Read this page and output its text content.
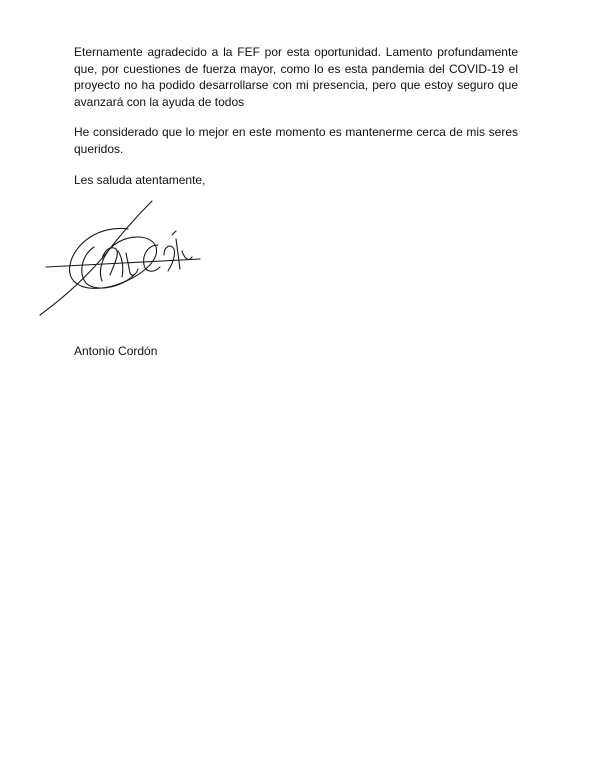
Eternamente agradecido a la FEF por esta oportunidad. Lamento profundamente que, por cuestiones de fuerza mayor, como lo es esta pandemia del COVID-19 el proyecto no ha podido desarrollarse con mi presencia, pero que estoy seguro que avanzará con la ayuda de todos

He considerado que lo mejor en este momento es mantenerme cerca de mis seres queridos.

Les saluda atentamente,

Antonio Cordón
